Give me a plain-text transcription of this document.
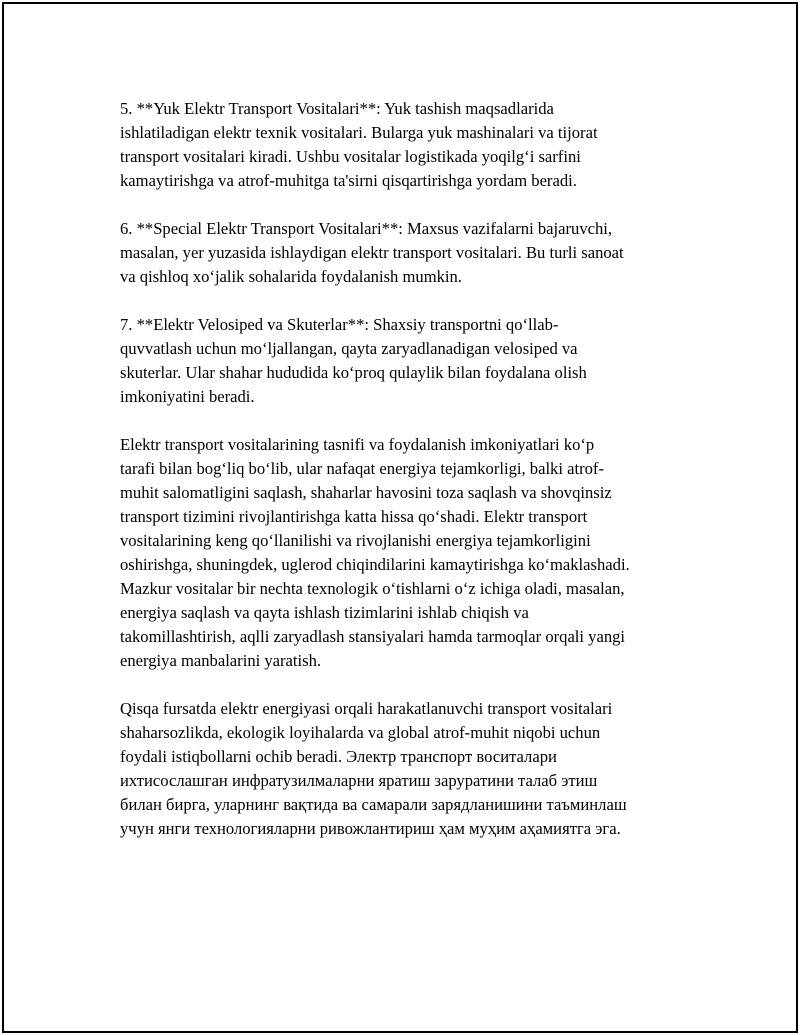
5. **Yuk Elektr Transport Vositalari**: Yuk tashish maqsadlarida
ishlatiladigan elektr texnik vositalari. Bularga yuk mashinalari va tijorat
transport vositalari kiradi. Ushbu vositalar logistikada yoqilg‘i sarfini
kamaytirishga va atrof-muhitga ta'sirni qisqartirishga yordam beradi.

6. **Special Elektr Transport Vositalari**: Maxsus vazifalarni bajaruvchi,
masalan, yer yuzasida ishlaydigan elektr transport vositalari. Bu turli sanoat
va qishloq xo‘jalik sohalarida foydalanish mumkin.

7. **Elektr Velosiped va Skuterlar**: Shaxsiy transportni qo‘llab-
quvvatlash uchun mo‘ljallangan, qayta zaryadlanadigan velosiped va
skuterlar. Ular shahar hududida ko‘proq qulaylik bilan foydalana olish
imkoniyatini beradi.

Elektr transport vositalarining tasnifi va foydalanish imkoniyatlari ko‘p
tarafi bilan bog‘liq bo‘lib, ular nafaqat energiya tejamkorligi, balki atrof-
muhit salomatligini saqlash, shaharlar havosini toza saqlash va shovqinsiz
transport tizimini rivojlantirishga katta hissa qo‘shadi. Elektr transport
vositalarining keng qo‘llanilishi va rivojlanishi energiya tejamkorligini
oshirishga, shuningdek, uglerod chiqindilarini kamaytirishga ko‘maklashadi.
Mazkur vositalar bir nechta texnologik o‘tishlarni o‘z ichiga oladi, masalan,
energiya saqlash va qayta ishlash tizimlarini ishlab chiqish va
takomillashtirish, aqlli zaryadlash stansiyalari hamda tarmoqlar orqali yangi
energiya manbalarini yaratish.

Qisqa fursatda elektr energiyasi orqali harakatlanuvchi transport vositalari
shaharsozlikda, ekologik loyihalarda va global atrof-muhit niqobi uchun
foydali istiqbollarni ochib beradi. Электр транспорт воситалари
ихтисослашган инфратузилмаларни яратиш заруратини талаб этиш
билан бирга, уларнинг вақтида ва самарали зарядланишини таъминлаш
учун янги технологияларни ривожлантириш ҳам муҳим аҳамиятга эга.
